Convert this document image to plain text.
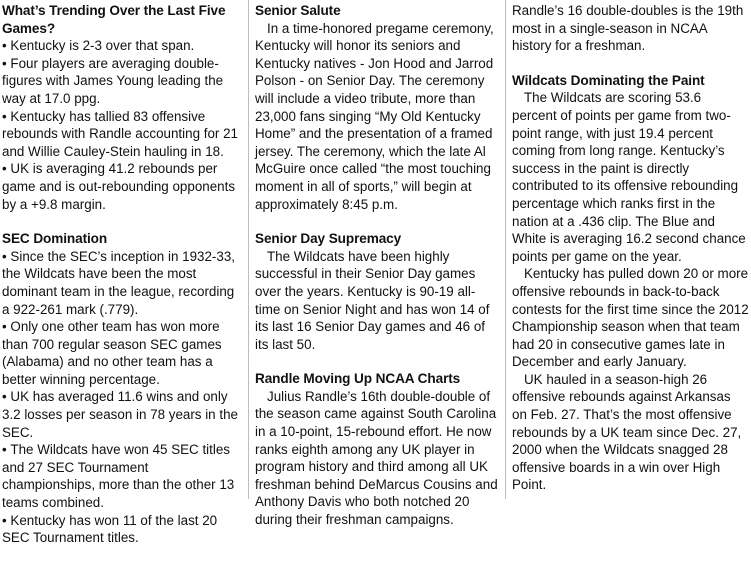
What’s Trending Over the Last Five Games?
• Kentucky is 2-3 over that span.
• Four players are averaging double-figures with James Young leading the way at 17.0 ppg.
• Kentucky has tallied 83 offensive rebounds with Randle accounting for 21 and Willie Cauley-Stein hauling in 18.
• UK is averaging 41.2 rebounds per game and is out-rebounding opponents by a +9.8 margin.
SEC Domination
• Since the SEC’s inception in 1932-33, the Wildcats have been the most dominant team in the league, recording a 922-261 mark (.779).
• Only one other team has won more than 700 regular season SEC games (Alabama) and no other team has a better winning percentage.
• UK has averaged 11.6 wins and only 3.2 losses per season in 78 years in the SEC.
• The Wildcats have won 45 SEC titles and 27 SEC Tournament championships, more than the other 13 teams combined.
• Kentucky has won 11 of the last 20 SEC Tournament titles.
Senior Salute

In a time-honored pregame ceremony, Kentucky will honor its seniors and Kentucky natives - Jon Hood and Jarrod Polson - on Senior Day. The ceremony will include a video tribute, more than 23,000 fans singing “My Old Kentucky Home” and the presentation of a framed jersey. The ceremony, which the late Al McGuire once called “the most touching moment in all of sports,” will begin at approximately 8:45 p.m.

Senior Day Supremacy

The Wildcats have been highly successful in their Senior Day games over the years. Kentucky is 90-19 all-time on Senior Night and has won 14 of its last 16 Senior Day games and 46 of its last 50.

Randle Moving Up NCAA Charts

Julius Randle’s 16th double-double of the season came against South Carolina in a 10-point, 15-rebound effort. He now ranks eighth among any UK player in program history and third among all UK freshman behind DeMarcus Cousins and Anthony Davis who both notched 20 during their freshman campaigns.

Randle’s 16 double-doubles is the 19th most in a single-season in NCAA history for a freshman.
Wildcats Dominating the Paint

The Wildcats are scoring 53.6 percent of points per game from two-point range, with just 19.4 percent coming from long range. Kentucky’s success in the paint is directly contributed to its offensive rebounding percentage which ranks first in the nation at a .436 clip. The Blue and White is averaging 16.2 second chance points per game on the year.

Kentucky has pulled down 20 or more offensive rebounds in back-to-back contests for the first time since the 2012 Championship season when that team had 20 in consecutive games late in December and early January.

UK hauled in a season-high 26 offensive rebounds against Arkansas on Feb. 27. That’s the most offensive rebounds by a UK team since Dec. 27, 2000 when the Wildcats snagged 28 offensive boards in a win over High Point.
